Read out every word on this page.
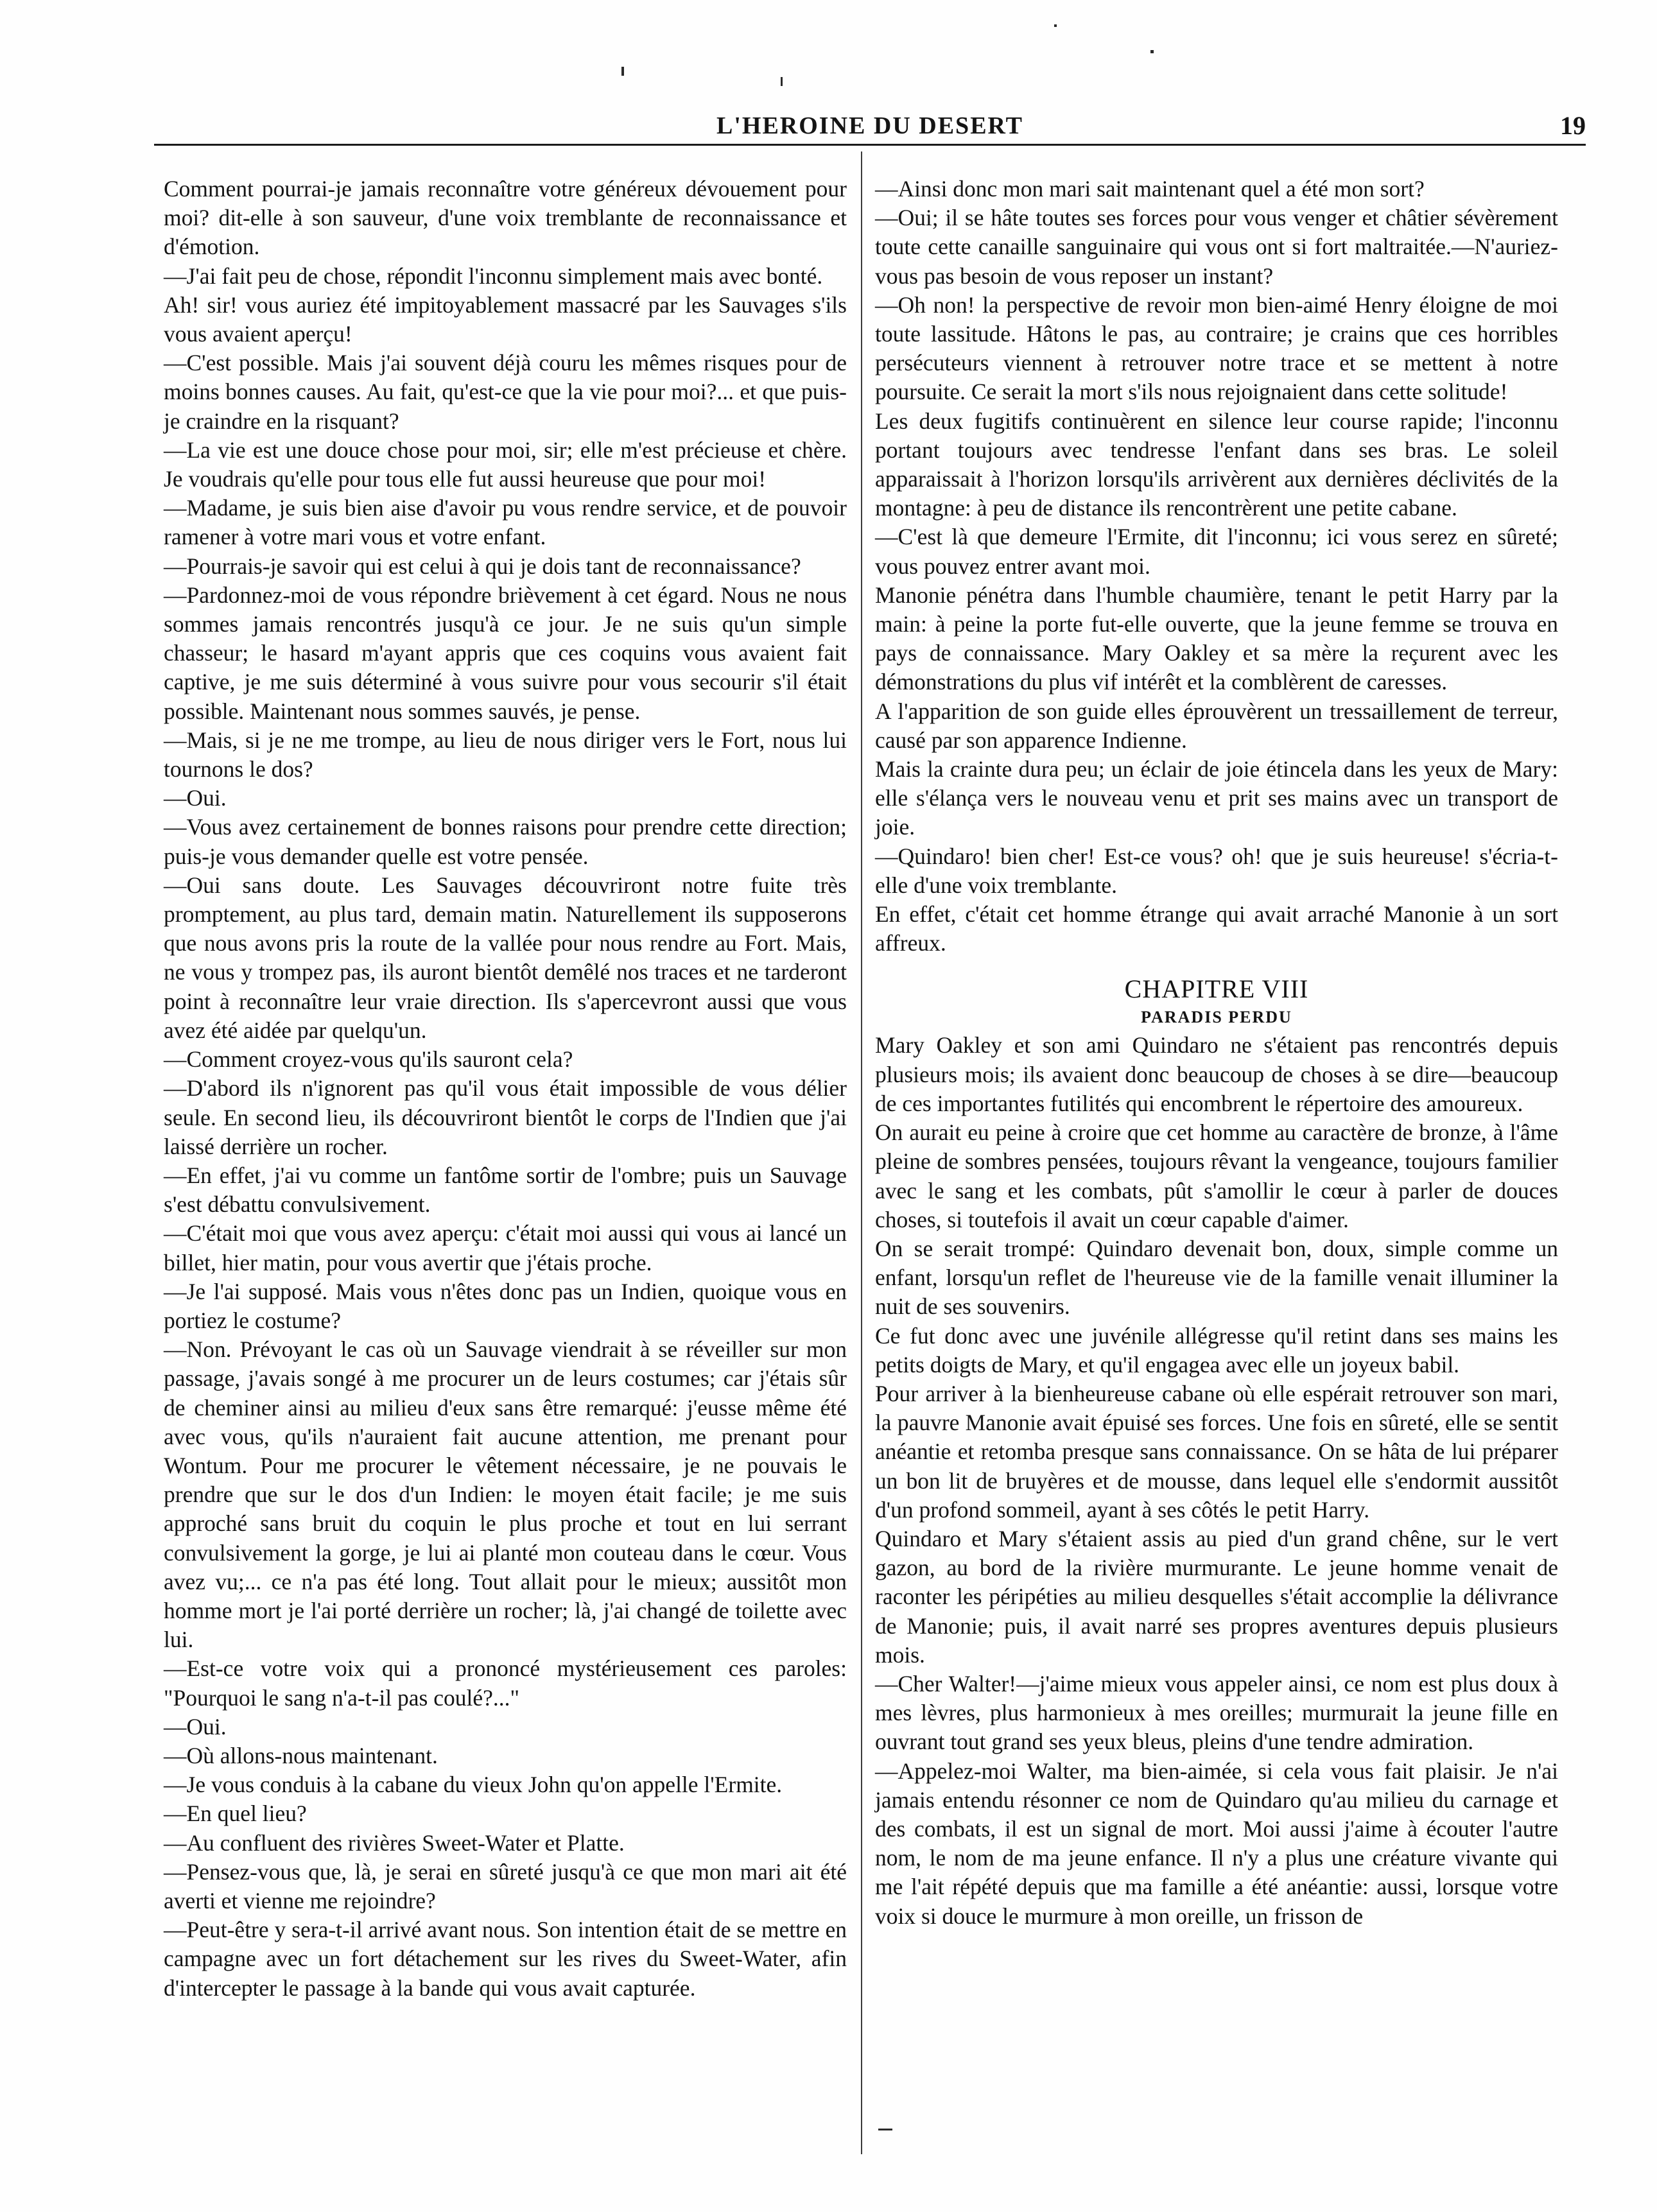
L'HEROINE DU DESERT	19

Comment pourrai-je jamais reconnaître votre généreux dévouement pour moi? dit-elle à son sauveur, d'une voix tremblante de reconnaissance et d'émotion.

—J'ai fait peu de chose, répondit l'inconnu simplement mais avec bonté.

Ah! sir! vous auriez été impitoyablement massacré par les Sauvages s'ils vous avaient aperçu!

—C'est possible. Mais j'ai souvent déjà couru les mêmes risques pour de moins bonnes causes. Au fait, qu'est-ce que la vie pour moi?... et que puis-je craindre en la risquant?

—La vie est une douce chose pour moi, sir; elle m'est précieuse et chère. Je voudrais qu'elle pour tous elle fut aussi heureuse que pour moi!

—Madame, je suis bien aise d'avoir pu vous rendre service, et de pouvoir ramener à votre mari vous et votre enfant.

—Pourrais-je savoir qui est celui à qui je dois tant de reconnaissance?

—Pardonnez-moi de vous répondre brièvement à cet égard. Nous ne nous sommes jamais rencontrés jusqu'à ce jour. Je ne suis qu'un simple chasseur; le hasard m'ayant appris que ces coquins vous avaient fait captive, je me suis déterminé à vous suivre pour vous secourir s'il était possible. Maintenant nous sommes sauvés, je pense.

—Mais, si je ne me trompe, au lieu de nous diriger vers le Fort, nous lui tournons le dos?

—Oui.

—Vous avez certainement de bonnes raisons pour prendre cette direction; puis-je vous demander quelle est votre pensée.

—Oui sans doute. Les Sauvages découvriront notre fuite très promptement, au plus tard, demain matin. Naturellement ils supposerons que nous avons pris la route de la vallée pour nous rendre au Fort. Mais, ne vous y trompez pas, ils auront bientôt demêlé nos traces et ne tarderont point à reconnaître leur vraie direction. Ils s'apercevront aussi que vous avez été aidée par quelqu'un.

—Comment croyez-vous qu'ils sauront cela?

—D'abord ils n'ignorent pas qu'il vous était impossible de vous délier seule. En second lieu, ils découvriront bientôt le corps de l'Indien que j'ai laissé derrière un rocher.

—En effet, j'ai vu comme un fantôme sortir de l'ombre; puis un Sauvage s'est débattu convulsivement.

—C'était moi que vous avez aperçu: c'était moi aussi qui vous ai lancé un billet, hier matin, pour vous avertir que j'étais proche.

—Je l'ai supposé. Mais vous n'êtes donc pas un Indien, quoique vous en portiez le costume?

—Non. Prévoyant le cas où un Sauvage viendrait à se réveiller sur mon passage, j'avais songé à me procurer un de leurs costumes; car j'étais sûr de cheminer ainsi au milieu d'eux sans être remarqué: j'eusse même été avec vous, qu'ils n'auraient fait aucune attention, me prenant pour Wontum. Pour me procurer le vêtement nécessaire, je ne pouvais le prendre que sur le dos d'un Indien: le moyen était facile; je me suis approché sans bruit du coquin le plus proche et tout en lui serrant convulsivement la gorge, je lui ai planté mon couteau dans le cœur. Vous avez vu;... ce n'a pas été long. Tout allait pour le mieux; aussitôt mon homme mort je l'ai porté derrière un rocher; là, j'ai changé de toilette avec lui.

—Est-ce votre voix qui a prononcé mystérieusement ces paroles: "Pourquoi le sang n'a-t-il pas coulé?..."

—Oui.

—Où allons-nous maintenant.

—Je vous conduis à la cabane du vieux John qu'on appelle l'Ermite.

—En quel lieu?

—Au confluent des rivières Sweet-Water et Platte.

—Pensez-vous que, là, je serai en sûreté jusqu'à ce que mon mari ait été averti et vienne me rejoindre?

—Peut-être y sera-t-il arrivé avant nous. Son intention était de se mettre en campagne avec un fort détachement sur les rives du Sweet-Water, afin d'intercepter le passage à la bande qui vous avait capturée.

—Ainsi donc mon mari sait maintenant quel a été mon sort?

—Oui; il se hâte toutes ses forces pour vous venger et châtier sévèrement toute cette canaille sanguinaire qui vous ont si fort maltraitée.—N'auriez-vous pas besoin de vous reposer un instant?

—Oh non! la perspective de revoir mon bien-aimé Henry éloigne de moi toute lassitude. Hâtons le pas, au contraire; je crains que ces horribles persécuteurs viennent à retrouver notre trace et se mettent à notre poursuite. Ce serait la mort s'ils nous rejoignaient dans cette solitude!

Les deux fugitifs continuèrent en silence leur course rapide; l'inconnu portant toujours avec tendresse l'enfant dans ses bras. Le soleil apparaissait à l'horizon lorsqu'ils arrivèrent aux dernières déclivités de la montagne: à peu de distance ils rencontrèrent une petite cabane.

—C'est là que demeure l'Ermite, dit l'inconnu; ici vous serez en sûreté; vous pouvez entrer avant moi.

Manonie pénétra dans l'humble chaumière, tenant le petit Harry par la main: à peine la porte fut-elle ouverte, que la jeune femme se trouva en pays de connaissance. Mary Oakley et sa mère la reçurent avec les démonstrations du plus vif intérêt et la comblèrent de caresses.

A l'apparition de son guide elles éprouvèrent un tressaillement de terreur, causé par son apparence Indienne.

Mais la crainte dura peu; un éclair de joie étincela dans les yeux de Mary: elle s'élança vers le nouveau venu et prit ses mains avec un transport de joie.

—Quindaro! bien cher! Est-ce vous? oh! que je suis heureuse! s'écria-t-elle d'une voix tremblante.

En effet, c'était cet homme étrange qui avait arraché Manonie à un sort affreux.

CHAPITRE VIII

PARADIS PERDU

Mary Oakley et son ami Quindaro ne s'étaient pas rencontrés depuis plusieurs mois; ils avaient donc beaucoup de choses à se dire—beaucoup de ces importantes futilités qui encombrent le répertoire des amoureux.

On aurait eu peine à croire que cet homme au caractère de bronze, à l'âme pleine de sombres pensées, toujours rêvant la vengeance, toujours familier avec le sang et les combats, pût s'amollir le cœur à parler de douces choses, si toutefois il avait un cœur capable d'aimer.

On se serait trompé: Quindaro devenait bon, doux, simple comme un enfant, lorsqu'un reflet de l'heureuse vie de la famille venait illuminer la nuit de ses souvenirs.

Ce fut donc avec une juvénile allégresse qu'il retint dans ses mains les petits doigts de Mary, et qu'il engagea avec elle un joyeux babil.

Pour arriver à la bienheureuse cabane où elle espérait retrouver son mari, la pauvre Manonie avait épuisé ses forces. Une fois en sûreté, elle se sentit anéantie et retomba presque sans connaissance. On se hâta de lui préparer un bon lit de bruyères et de mousse, dans lequel elle s'endormit aussitôt d'un profond sommeil, ayant à ses côtés le petit Harry.

Quindaro et Mary s'étaient assis au pied d'un grand chêne, sur le vert gazon, au bord de la rivière murmurante. Le jeune homme venait de raconter les péripéties au milieu desquelles s'était accomplie la délivrance de Manonie; puis, il avait narré ses propres aventures depuis plusieurs mois.

—Cher Walter!—j'aime mieux vous appeler ainsi, ce nom est plus doux à mes lèvres, plus harmonieux à mes oreilles; murmurait la jeune fille en ouvrant tout grand ses yeux bleus, pleins d'une tendre admiration.

—Appelez-moi Walter, ma bien-aimée, si cela vous fait plaisir. Je n'ai jamais entendu résonner ce nom de Quindaro qu'au milieu du carnage et des combats, il est un signal de mort. Moi aussi j'aime à écouter l'autre nom, le nom de ma jeune enfance. Il n'y a plus une créature vivante qui me l'ait répété depuis que ma famille a été anéantie: aussi, lorsque votre voix si douce le murmure à mon oreille, un frisson de
